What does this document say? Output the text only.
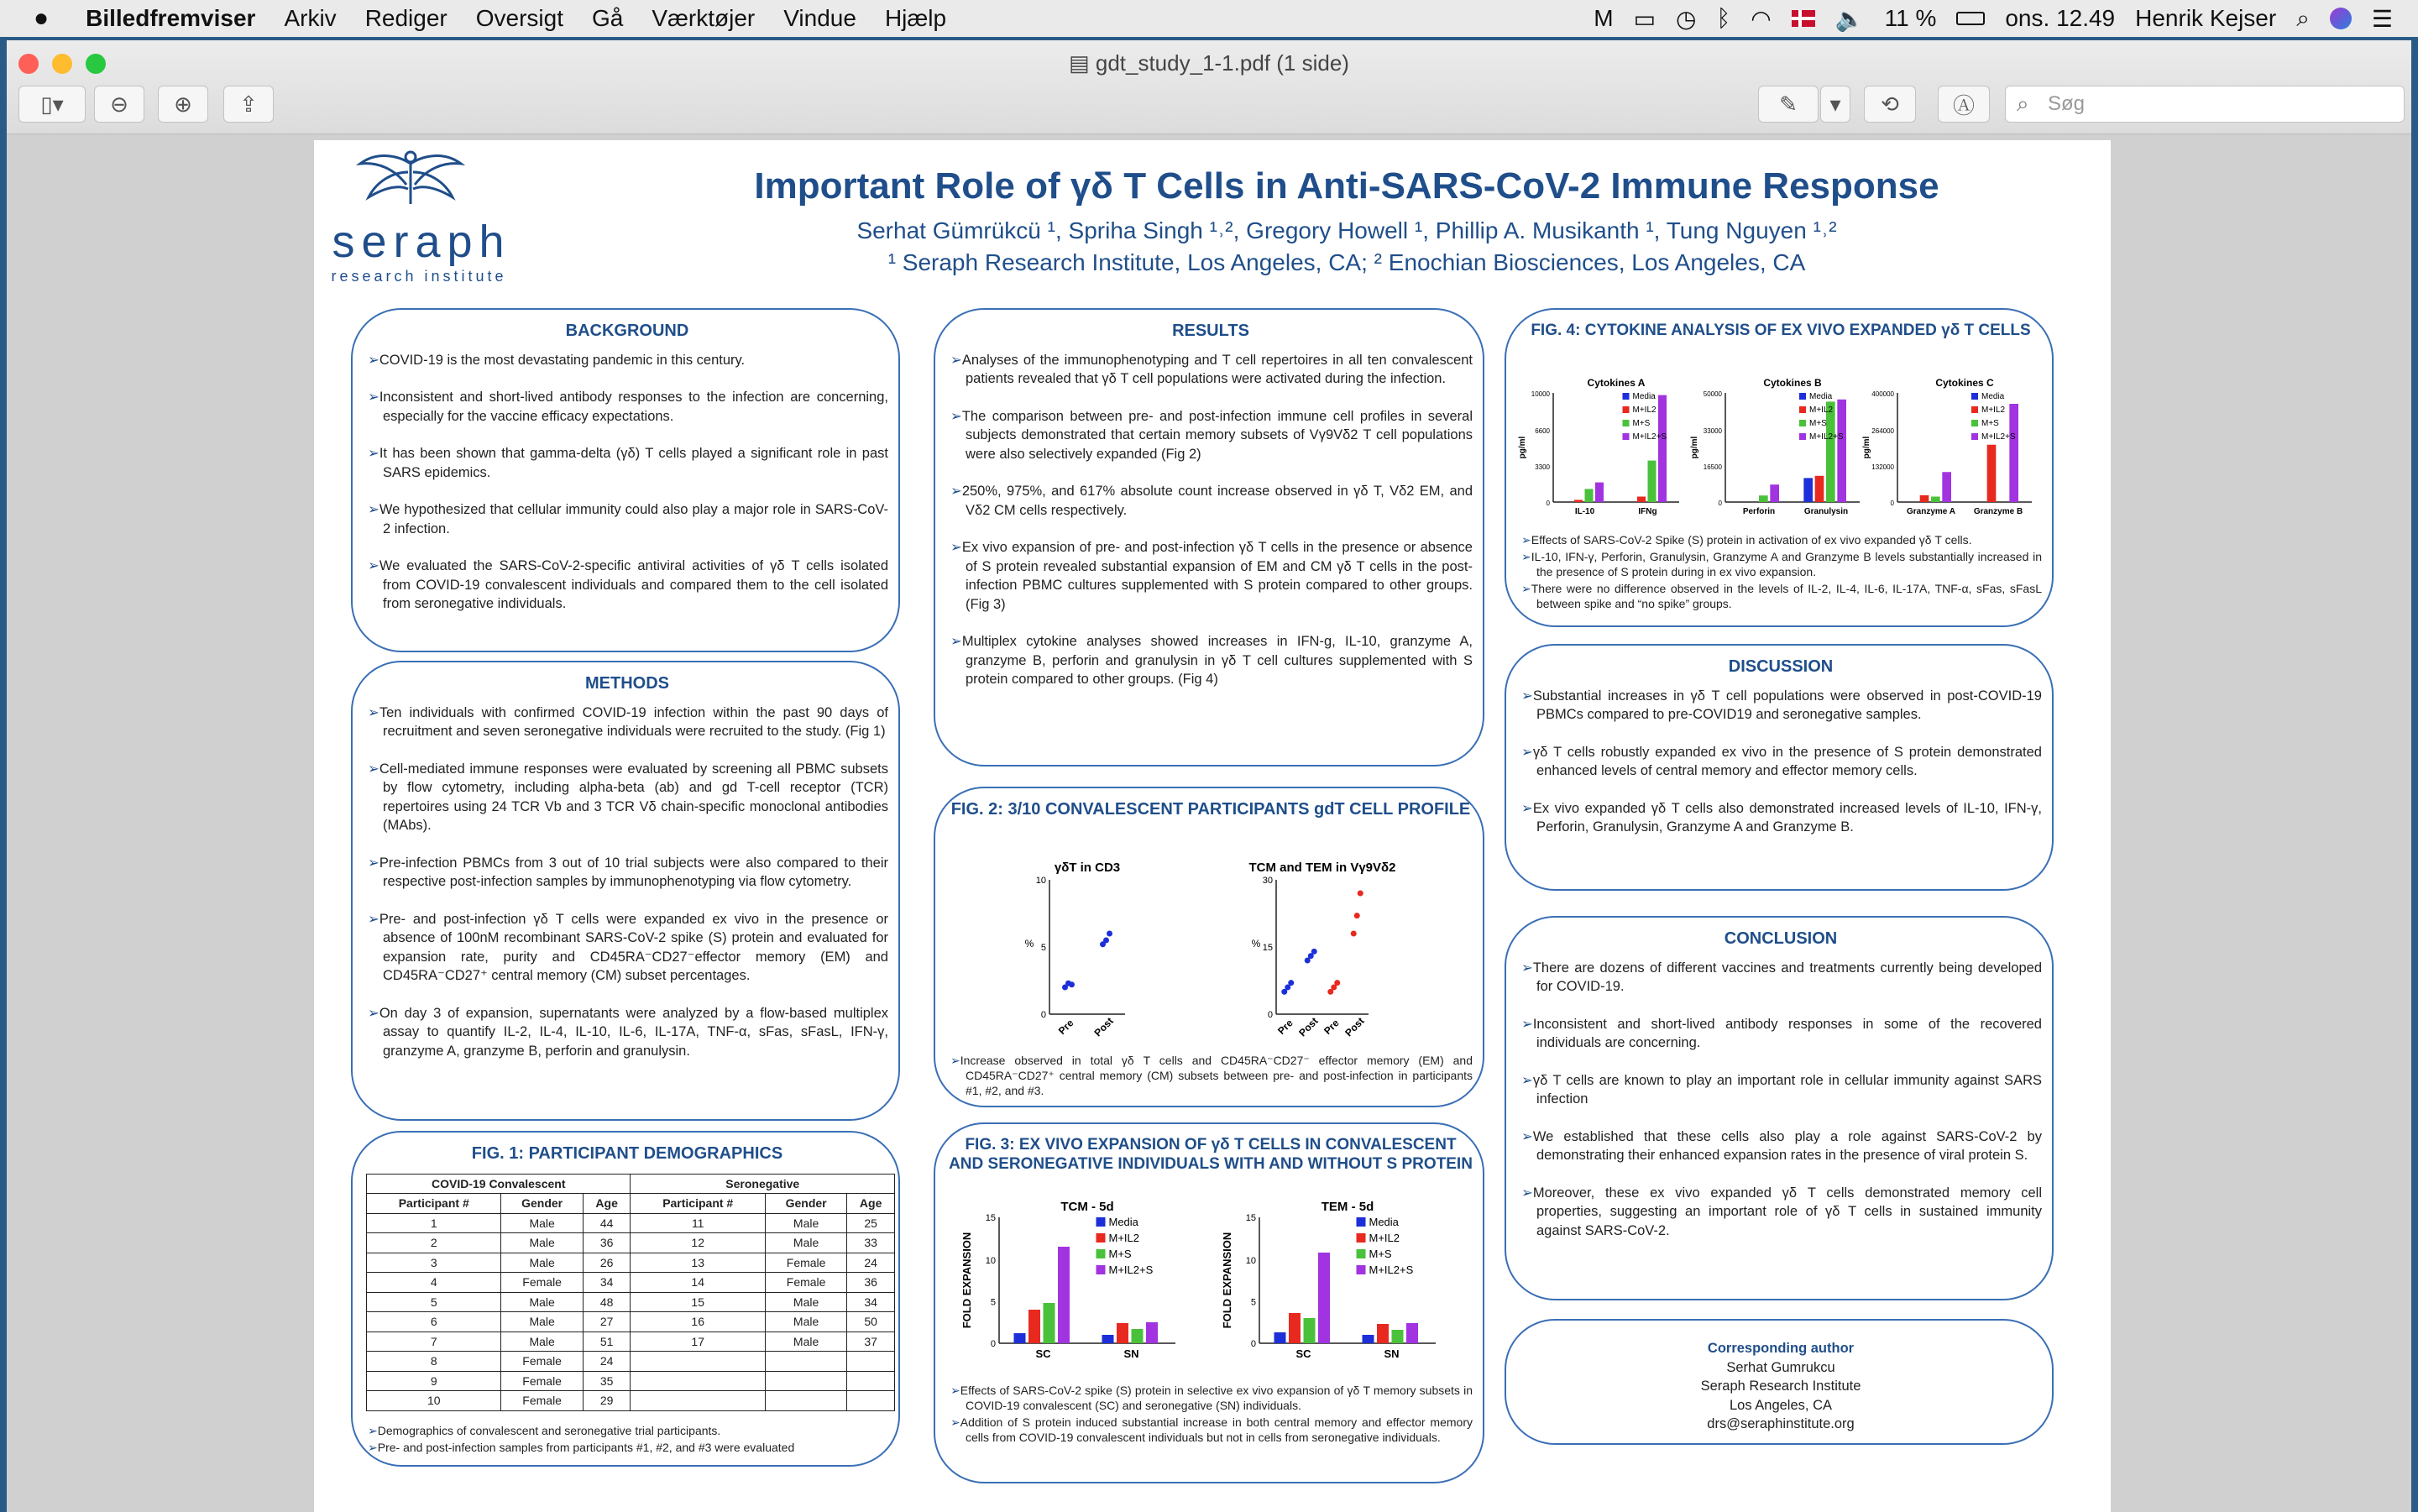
● Billedfremviser Arkiv Rediger Oversigt Gå Værktøjer Vindue Hjælp	M ▭ ◷ ᛒ ◠	🔈 11 %	ons. 12.49 Henrik Kejser ⌕	☰
▤ gdt_study_1-1.pdf (1 side)
▯▾	⊖	⊕	⇪	✎	▾	⟲	Ⓐ	Søg
⌕
seraph
research institute
Important Role of γδ T Cells in Anti-SARS-CoV-2 Immune Response
Serhat Gümrükcü ¹, Spriha Singh ¹˒², Gregory Howell ¹, Phillip A. Musikanth ¹, Tung Nguyen ¹˒²
¹ Seraph Research Institute, Los Angeles, CA; ² Enochian Biosciences, Los Angeles, CA
BACKGROUND

➢ COVID-19 is the most devastating pandemic in this century.

➢ Inconsistent and short-lived antibody responses to the infection are concerning, especially for the vaccine efficacy expectations.

➢ It has been shown that gamma-delta (γδ) T cells played a significant role in past SARS epidemics.

➢ We hypothesized that cellular immunity could also play a major role in SARS-CoV-2 infection.

➢ We evaluated the SARS-CoV-2-specific antiviral activities of γδ T cells isolated from COVID-19 convalescent individuals and compared them to the cell isolated from seronegative individuals.

METHODS

➢ Ten individuals with confirmed COVID-19 infection within the past 90 days of recruitment and seven seronegative individuals were recruited to the study. (Fig 1)

➢ Cell-mediated immune responses were evaluated by screening all PBMC subsets by flow cytometry, including alpha-beta (ab) and gd T-cell receptor (TCR) repertoires using 24 TCR Vb and 3 TCR Vδ chain-specific monoclonal antibodies (MAbs).

➢ Pre-infection PBMCs from 3 out of 10 trial subjects were also compared to their respective post-infection samples by immunophenotyping via flow cytometry.

➢ Pre- and post-infection γδ T cells were expanded ex vivo in the presence or absence of 100nM recombinant SARS-CoV-2 spike (S) protein and evaluated for expansion rate, purity and CD45RA⁻CD27⁻effector memory (EM) and CD45RA⁻CD27⁺ central memory (CM) subset percentages.

➢ On day 3 of expansion, supernatants were analyzed by a flow-based multiplex assay to quantify IL-2, IL-4, IL-10, IL-6, IL-17A, TNF-α, sFas, sFasL, IFN-γ, granzyme A, granzyme B, perforin and granulysin.

FIG. 1: PARTICIPANT DEMOGRAPHICS
COVID-19 Convalescent			Seronegative		
Participant #	Gender	Age	Participant #	Gender	Age
1	Male	44	11	Male	25
2	Male	36	12	Male	33
3	Male	26	13	Female	24
4	Female	34	14	Female	36
5	Male	48	15	Male	34
6	Male	27	16	Male	50
7	Male	51	17	Male	37
8	Female	24			
9	Female	35			
10	Female	29			

➢ Demographics of convalescent and seronegative trial participants.

➢ Pre- and post-infection samples from participants #1, #2, and #3 were evaluated

RESULTS

➢ Analyses of the immunophenotyping and T cell repertoires in all ten convalescent patients revealed that γδ T cell populations were activated during the infection.

➢ The comparison between pre- and post-infection immune cell profiles in several subjects demonstrated that certain memory subsets of Vγ9Vδ2 T cell populations were also selectively expanded (Fig 2)

➢ 250%, 975%, and 617% absolute count increase observed in γδ T, Vδ2 EM, and Vδ2 CM cells respectively.

➢ Ex vivo expansion of pre- and post-infection γδ T cells in the presence or absence of S protein revealed substantial expansion of EM and CM γδ T cells in the post-infection PBMC cultures supplemented with S protein compared to other groups. (Fig 3)

➢ Multiplex cytokine analyses showed increases in IFN-g, IL-10, granzyme A, granzyme B, perforin and granulysin in γδ T cell cultures supplemented with S protein compared to other groups. (Fig 4)

FIG. 2: 3/10 CONVALESCENT PARTICIPANTS gdT CELL PROFILE
γδT in CD3
%
0
5
10
Pre Post
TCM and TEM in Vγ9Vδ2
%
0
15
30
Pre Post Pre Post

➢ Increase observed in total γδ T cells and CD45RA⁻CD27⁻ effector memory (EM) and CD45RA⁻CD27⁺ central memory (CM) subsets between pre- and post-infection in participants #1, #2, and #3.

FIG. 3: EX VIVO EXPANSION OF γδ T CELLS IN CONVALESCENT AND SERONEGATIVE INDIVIDUALS WITH AND WITHOUT S PROTEIN
TCM - 5d
FOLD EXPANSION
0
5
10
15
SC	SN
Media
M+IL2
M+S
M+IL2+S
TEM - 5d
FOLD EXPANSION
0
5
10
15
SC	SN
Media
M+IL2
M+S
M+IL2+S

➢ Effects of SARS-CoV-2 spike (S) protein in selective ex vivo expansion of γδ T memory subsets in COVID-19 convalescent (SC) and seronegative (SN) individuals.

➢ Addition of S protein induced substantial increase in both central memory and effector memory cells from COVID-19 convalescent individuals but not in cells from seronegative individuals.

FIG. 4: CYTOKINE ANALYSIS OF EX VIVO EXPANDED γδ T CELLS
Cytokines A
pg/ml
0
3300
6600
10000
IL-10	IFNg
Media
M+IL2
M+S
M+IL2+S
Cytokines B
pg/ml
0
16500
33000
50000
Perforin	Granulysin
Media
M+IL2
M+S
M+IL2+S
Cytokines C
pg/ml
0
132000
264000
400000
Granzyme A Granzyme B
Media
M+IL2
M+S
M+IL2+S

➢ Effects of SARS-CoV-2 Spike (S) protein in activation of ex vivo expanded γδ T cells.

➢ IL-10, IFN-γ, Perforin, Granulysin, Granzyme A and Granzyme B levels substantially increased in the presence of S protein during in ex vivo expansion.

➢ There were no difference observed in the levels of IL-2, IL-4, IL-6, IL-17A, TNF-α, sFas, sFasL between spike and “no spike” groups.

DISCUSSION

➢ Substantial increases in γδ T cell populations were observed in post-COVID-19 PBMCs compared to pre-COVID19 and seronegative samples.

➢ γδ T cells robustly expanded ex vivo in the presence of S protein demonstrated enhanced levels of central memory and effector memory cells.

➢ Ex vivo expanded γδ T cells also demonstrated increased levels of IL-10, IFN-γ, Perforin, Granulysin, Granzyme A and Granzyme B.

CONCLUSION

➢ There are dozens of different vaccines and treatments currently being developed for COVID-19.

➢ Inconsistent and short-lived antibody responses in some of the recovered individuals are concerning.

➢ γδ T cells are known to play an important role in cellular immunity against SARS infection

➢ We established that these cells also play a role against SARS-CoV-2 by demonstrating their enhanced expansion rates in the presence of viral protein S.

➢ Moreover, these ex vivo expanded γδ T cells demonstrated memory cell properties, suggesting an important role of γδ T cells in sustained immunity against SARS-CoV-2.

Corresponding author
Serhat Gumrukcu
Seraph Research Institute
Los Angeles, CA
drs@seraphinstitute.org
